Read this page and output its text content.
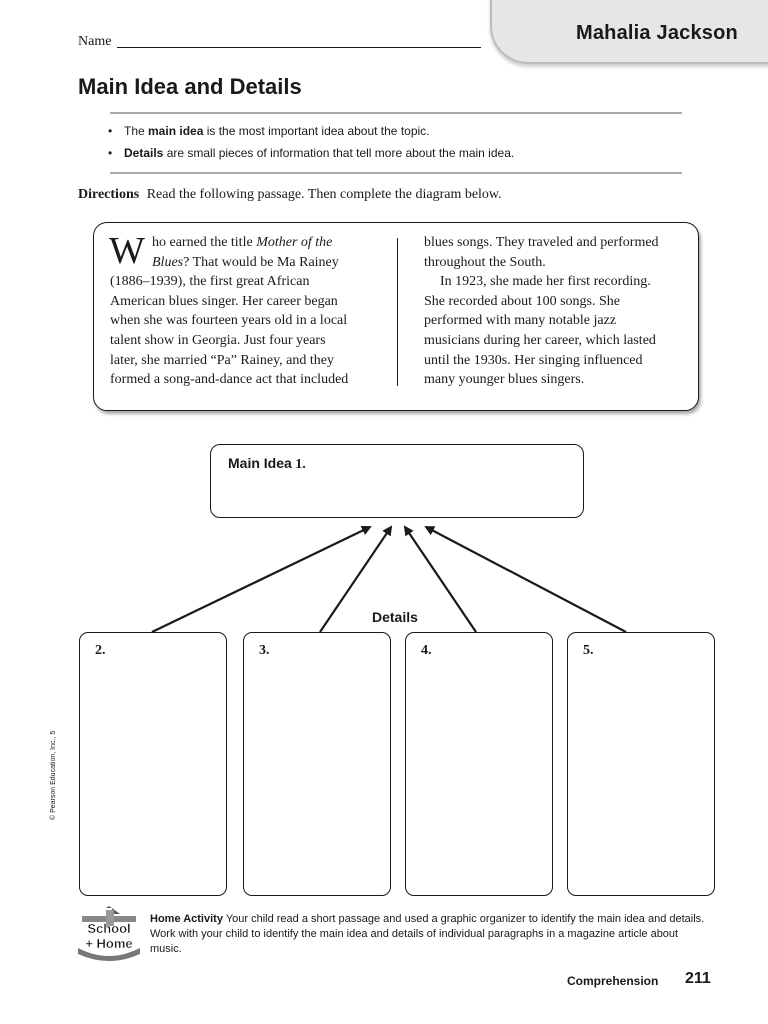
Mahalia Jackson
Name
Main Idea and Details
• The main idea is the most important idea about the topic.
• Details are small pieces of information that tell more about the main idea.
Directions Read the following passage. Then complete the diagram below.
W ho earned the title Mother of the
Blues? That would be Ma Rainey
(1886–1939), the first great African
American blues singer. Her career began
when she was fourteen years old in a local
talent show in Georgia. Just four years
later, she married “Pa” Rainey, and they
formed a song-and-dance act that included
blues songs. They traveled and performed
throughout the South.
In 1923, she made her first recording.
She recorded about 100 songs. She
performed with many notable jazz
musicians during her career, which lasted
until the 1930s. Her singing influenced
many younger blues singers.
Main Idea 1.
Details
2.	3.	4.	5.
© Pearson Education, Inc., 5
School
+ Home
Home Activity Your child read a short passage and used a graphic organizer to identify the main idea and details. Work with your child to identify the main idea and details of individual paragraphs in a magazine article about music.
Comprehension 211
